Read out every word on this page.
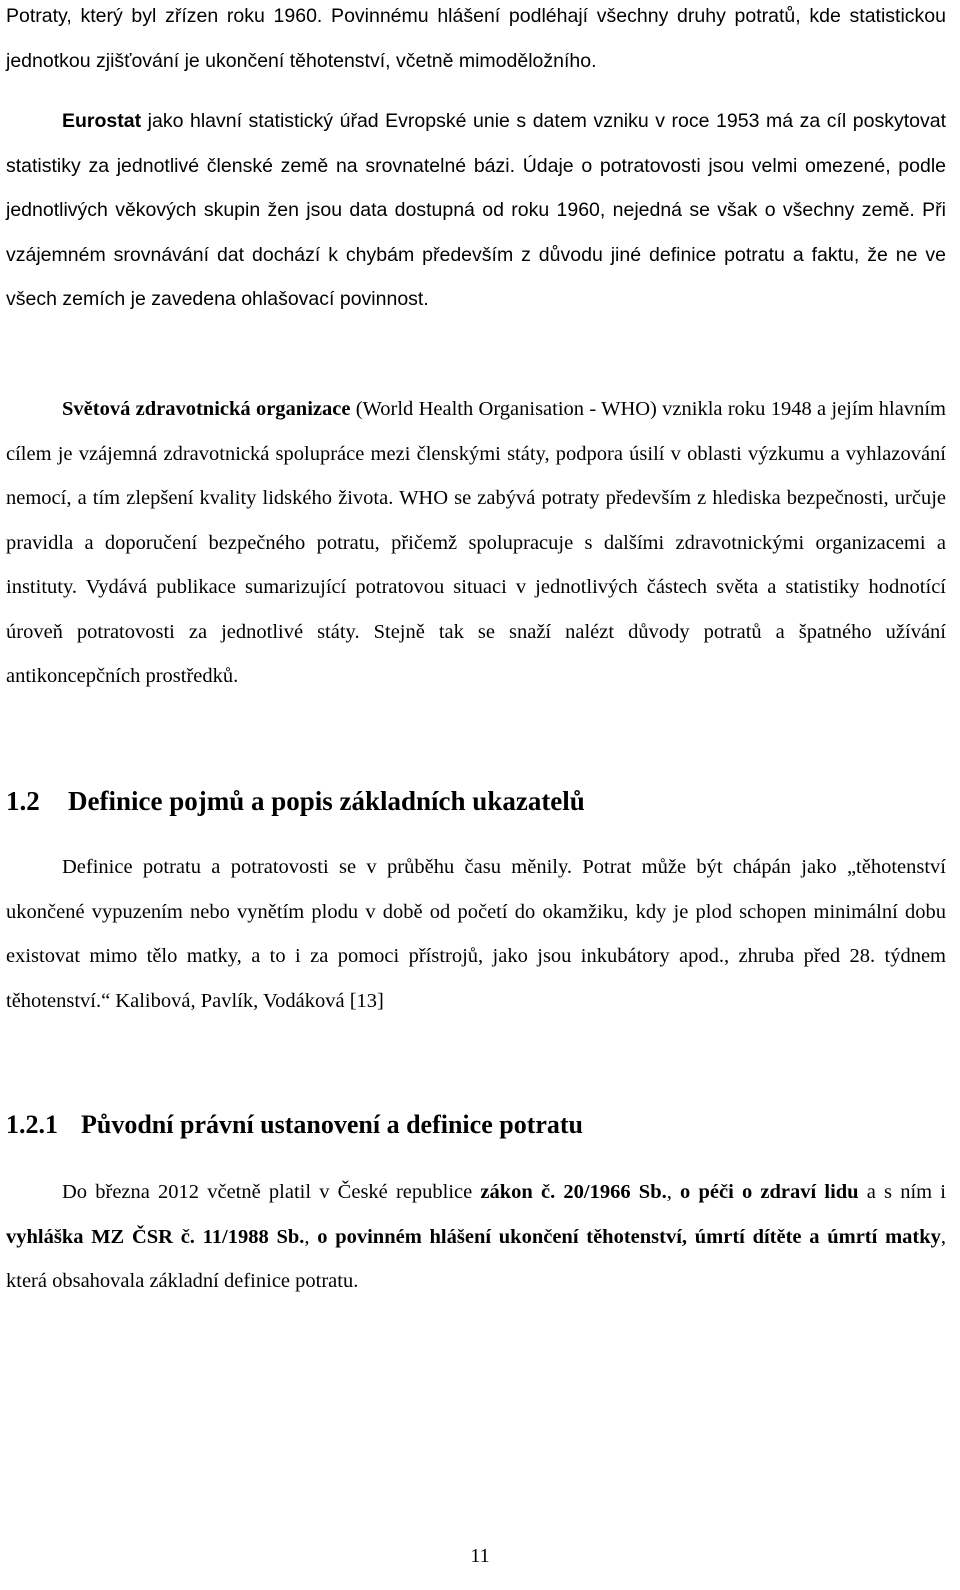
Potraty, který byl zřízen roku 1960. Povinnému hlášení podléhají všechny druhy potratů, kde statistickou jednotkou zjišťování je ukončení těhotenství, včetně mimoděložního.

Eurostat jako hlavní statistický úřad Evropské unie s datem vzniku v roce 1953 má za cíl poskytovat statistiky za jednotlivé členské země na srovnatelné bázi. Údaje o potratovosti jsou velmi omezené, podle jednotlivých věkových skupin žen jsou data dostupná od roku 1960, nejedná se však o všechny země. Při vzájemném srovnávání dat dochází k chybám především z důvodu jiné definice potratu a faktu, že ne ve všech zemích je zavedena ohlašovací povinnost.

Světová zdravotnická organizace (World Health Organisation - WHO) vznikla roku 1948 a jejím hlavním cílem je vzájemná zdravotnická spolupráce mezi členskými státy, podpora úsilí v oblasti výzkumu a vyhlazování nemocí, a tím zlepšení kvality lidského života. WHO se zabývá potraty především z hlediska bezpečnosti, určuje pravidla a doporučení bezpečného potratu, přičemž spolupracuje s dalšími zdravotnickými organizacemi a instituty. Vydává publikace sumarizující potratovou situaci v jednotlivých částech světa a statistiky hodnotící úroveň potratovosti za jednotlivé státy. Stejně tak se snaží nalézt důvody potratů a špatného užívání antikoncepčních prostředků.

1.2 Definice pojmů a popis základních ukazatelů

Definice potratu a potratovosti se v průběhu času měnily. Potrat může být chápán jako „těhotenství ukončené vypuzením nebo vynětím plodu v době od početí do okamžiku, kdy je plod schopen minimální dobu existovat mimo tělo matky, a to i za pomoci přístrojů, jako jsou inkubátory apod., zhruba před 28. týdnem těhotenství.“ Kalibová, Pavlík, Vodáková [13]

1.2.1 Původní právní ustanovení a definice potratu

Do března 2012 včetně platil v České republice zákon č. 20/1966 Sb., o péči o zdraví lidu a s ním i vyhláška MZ ČSR č. 11/1988 Sb., o povinném hlášení ukončení těhotenství, úmrtí dítěte a úmrtí matky, která obsahovala základní definice potratu.

11
